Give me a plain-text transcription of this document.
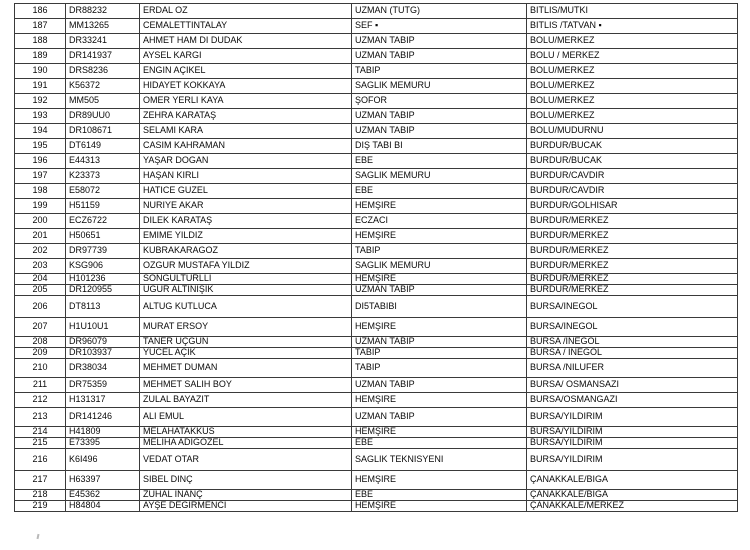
186	DR88232	ERDAL OZ	UZMAN (TUTG)	BITLIS/MUTKI
187	MM13265	CEMALETTINTALAY	SEF ▪	BITLIS /TATVAN ▪
188	DR33241	AHMET HAM DI DUDAK	UZMAN TABIP	BOLU/MERKEZ
189	DR141937	AYSEL KARGI	UZMAN TABIP	BOLU / MERKEZ
190	DRS8236	ENGIN AÇIKEL	TABIP	BOLU/MERKEZ
191	K56372	HIDAYET KOKKAYA	SAGLIK MEMURU	BOLU/MERKEZ
192	MM505	OMER YERLI KAYA	ŞOFOR	BOLU/MERKEZ
193	DR89UU0	ZEHRA KARATAŞ	UZMAN TABIP	BOLU/MERKEZ
194	DR108671	SELAMI KARA	UZMAN TABIP	BOLU/MUDURNU
195	DT6149	CASIM KAHRAMAN	DIŞ TABI BI	BURDUR/BUCAK
196	E44313	YAŞAR DOGAN	EBE	BURDUR/BUCAK
197	K23373	HAŞAN KIRLI	SAGLIK MEMURU	BURDUR/CAVDIR
198	E58072	HATICE GUZEL	EBE	BURDUR/CAVDIR
199	H51159	NURIYE AKAR	HEMŞIRE	BURDUR/GOLHISAR
200	ECZ6722	DILEK KARATAŞ	ECZACI	BURDUR/MERKEZ
201	H50651	EMIME YILDIZ	HEMŞIRE	BURDUR/MERKEZ
202	DR97739	KUBRAKARAGOZ	TABIP	BURDUR/MERKEZ
203	KSG906	OZGUR MUSTAFA YILDIZ	SAGLIK MEMURU	BURDUR/MERKEZ
204	H101236	SONGULTURLLI	HEMŞIRE	BURDUR/MERKEZ
205	DR120955	UGUR ALTINIŞIK	UZMAN TABIP	BURDUR/MERKEZ
206	DT8113	ALTUG KUTLUCA	DI5TABIBI	BURSA/INEGOL
207	H1U10U1	MURAT ERSOY	HEMŞIRE	BURSA/INEGOL
208	DR96079	TANER UÇGUN	UZMAN TABIP	BURSA /INEGOL
209	DR103937	YUCEL AÇIK	TABIP	BURSA / INEGOL
210	DR38034	MEHMET DUMAN	TABIP	BURSA /NILUFER
211	DR75359	MEHMET SALIH BOY	UZMAN TABIP	BURSA/ OSMANSAZI
212	H131317	ZULAL BAYAZIT	HEMŞIRE	BURSA/OSMANGAZI
213	DR141246	ALI EMUL	UZMAN TABIP	BURSA/YILDIRIM
214	H41809	MELAHATAKKUS	HEMŞIRE	BURSA/YILDIRIM
215	E73395	MELIHA ADIGOZEL	EBE	BURSA/YILDIRIM
216	K6I496	VEDAT OTAR	SAGLIK TEKNISYENI	BURSA/YILDIRIM
217	H63397	SIBEL DINÇ	HEMŞIRE	ÇANAKKALE/BIGA
218	E45362	ZUHAL INANÇ	EBE	ÇANAKKALE/BIGA
219	H84804	AYŞE DEGIRMENCI	HEMŞIRE	ÇANAKKALE/MERKEZ
